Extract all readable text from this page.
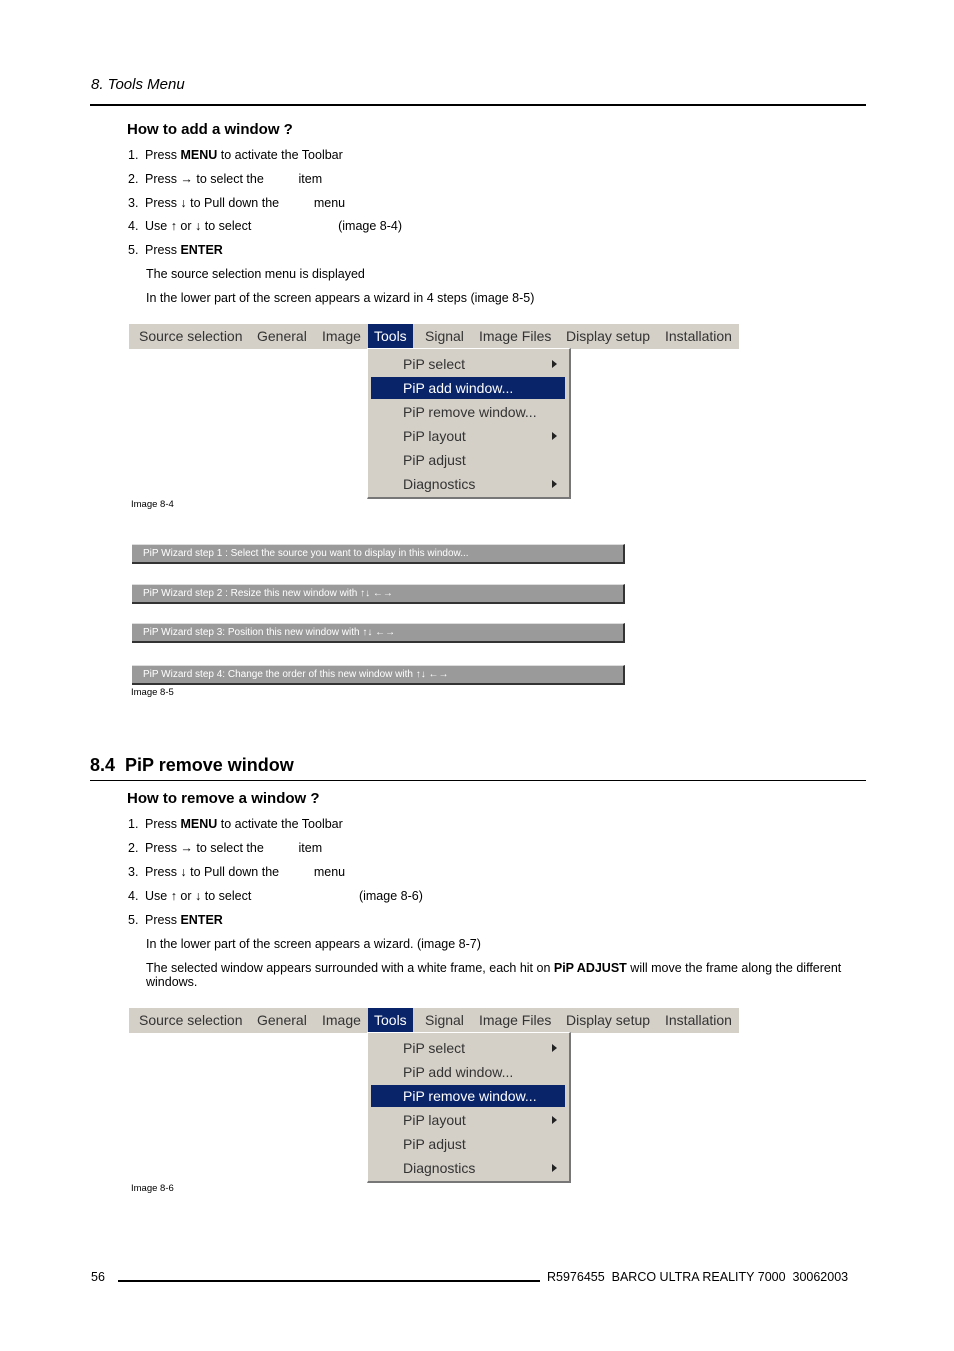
8. Tools Menu
How to add a window ?
1. Press MENU to activate the Toolbar
2. Press → to select the          item
3. Press ↓ to Pull down the          menu
4. Use ↑ or ↓ to select                         (image 8-4)
5. Press ENTER
The source selection menu is displayed
In the lower part of the screen appears a wizard in 4 steps (image 8-5)
Source selection General Image Tools	Signal Image Files Display setup Installation
PiP select
PiP add window...
PiP remove window...
PiP layout
PiP adjust
Diagnostics
Image 8-4
PiP Wizard step 1 : Select the source you want to display in this window...
PiP Wizard step 2 : Resize this new window with ↑↓ ←→
PiP Wizard step 3: Position this new window with ↑↓ ←→
PiP Wizard step 4: Change the order of this new window with ↑↓ ←→
Image 8-5
8.4 PiP remove window
How to remove a window ?
1. Press MENU to activate the Toolbar
2. Press → to select the          item
3. Press ↓ to Pull down the          menu
4. Use ↑ or ↓ to select                               (image 8-6)
5. Press ENTER
In the lower part of the screen appears a wizard. (image 8-7)
The selected window appears surrounded with a white frame, each hit on PiP ADJUST will move the frame along the different windows.
Source selection General Image Tools	Signal Image Files Display setup Installation
PiP select
PiP add window...
PiP remove window...
PiP layout
PiP adjust
Diagnostics
Image 8-6
56	R5976455  BARCO ULTRA REALITY 7000  30062003
